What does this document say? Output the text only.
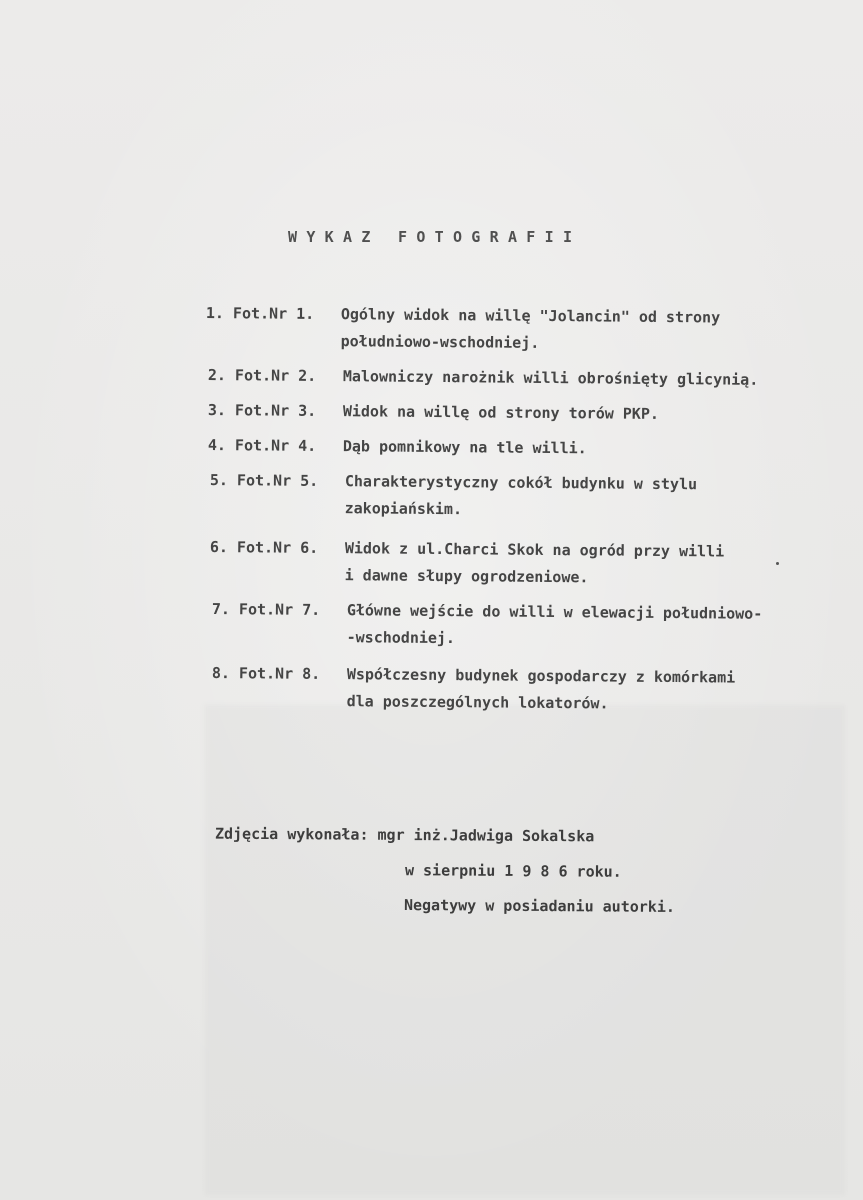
WYKAZ FOTOGRAFII
1. Fot.Nr 1. Ogólny widok na willę "Jolancin" od strony
południowo-wschodniej.
2. Fot.Nr 2. Malowniczy narożnik willi obrośnięty glicynią.
3. Fot.Nr 3. Widok na willę od strony torów PKP.
4. Fot.Nr 4. Dąb pomnikowy na tle willi.
5. Fot.Nr 5. Charakterystyczny cokół budynku w stylu
zakopiańskim.
6. Fot.Nr 6. Widok z ul.Charci Skok na ogród przy willi
i dawne słupy ogrodzeniowe.
7. Fot.Nr 7. Główne wejście do willi w elewacji południowo-
-wschodniej.
8. Fot.Nr 8. Współczesny budynek gospodarczy z komórkami
dla poszczególnych lokatorów.
Zdjęcia wykonała: mgr inż.Jadwiga Sokalska
w sierpniu 1 9 8 6 roku.
Negatywy w posiadaniu autorki.
